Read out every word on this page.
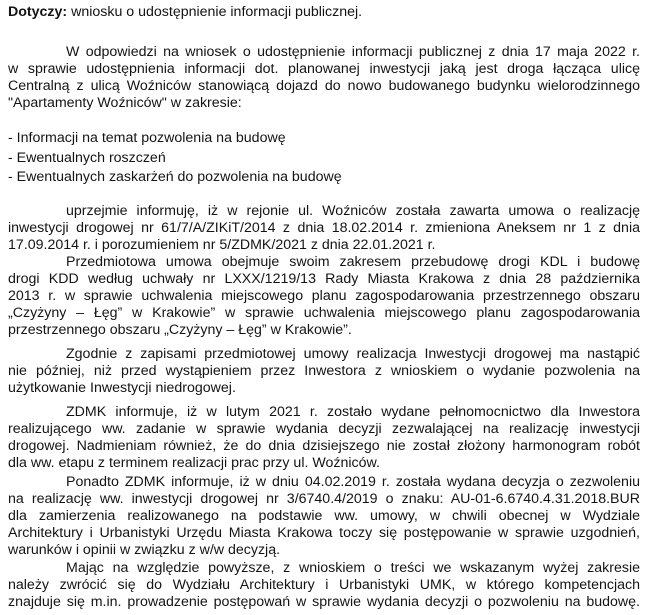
Dotyczy: wniosku o udostępnienie informacji publicznej.
W odpowiedzi na wniosek o udostępnienie informacji publicznej z dnia 17 maja 2022 r.
w sprawie udostępnienia informacji dot. planowanej inwestycji jaką jest droga łącząca ulicę
Centralną z ulicą Woźniców stanowiącą dojazd do nowo budowanego budynku wielorodzinnego
"Apartamenty Woźniców" w zakresie:
- Informacji na temat pozwolenia na budowę
- Ewentualnych roszczeń
- Ewentualnych zaskarżeń do pozwolenia na budowę
uprzejmie informuję, iż w rejonie ul. Woźniców została zawarta umowa o realizację
inwestycji drogowej nr 61/7/A/ZIKiT/2014 z dnia 18.02.2014 r. zmieniona Aneksem nr 1 z dnia
17.09.2014 r. i porozumieniem nr 5/ZDMK/2021 z dnia 22.01.2021 r.
Przedmiotowa umowa obejmuje swoim zakresem przebudowę drogi KDL i budowę
drogi KDD według uchwały nr LXXX/1219/13 Rady Miasta Krakowa z dnia 28 października
2013 r. w sprawie uchwalenia miejscowego planu zagospodarowania przestrzennego obszaru
„Czyżyny – Łęg” w Krakowie” w sprawie uchwalenia miejscowego planu zagospodarowania
przestrzennego obszaru „Czyżyny – Łęg” w Krakowie”.
Zgodnie z zapisami przedmiotowej umowy realizacja Inwestycji drogowej ma nastąpić
nie później, niż przed wystąpieniem przez Inwestora z wnioskiem o wydanie pozwolenia na
użytkowanie Inwestycji niedrogowej.
ZDMK informuje, iż w lutym 2021 r. zostało wydane pełnomocnictwo dla Inwestora
realizującego ww. zadanie w sprawie wydania decyzji zezwalającej na realizację inwestycji
drogowej. Nadmieniam również, że do dnia dzisiejszego nie został złożony harmonogram robót
dla ww. etapu z terminem realizacji prac przy ul. Woźniców.
Ponadto ZDMK informuje, iż w dniu 04.02.2019 r. została wydana decyzja o zezwoleniu
na realizację ww. inwestycji drogowej nr 3/6740.4/2019 o znaku: AU-01-6.6740.4.31.2018.BUR
dla zamierzenia realizowanego na podstawie ww. umowy, w chwili obecnej w Wydziale
Architektury i Urbanistyki Urzędu Miasta Krakowa toczy się postępowanie w sprawie uzgodnień,
warunków i opinii w związku z w/w decyzją.
Mając na względzie powyższe, z wnioskiem o treści we wskazanym wyżej zakresie
należy zwrócić się do Wydziału Architektury i Urbanistyki UMK, w którego kompetencjach
znajduje się m.in. prowadzenie postępowań w sprawie wydania decyzji o pozwoleniu na budowę.
